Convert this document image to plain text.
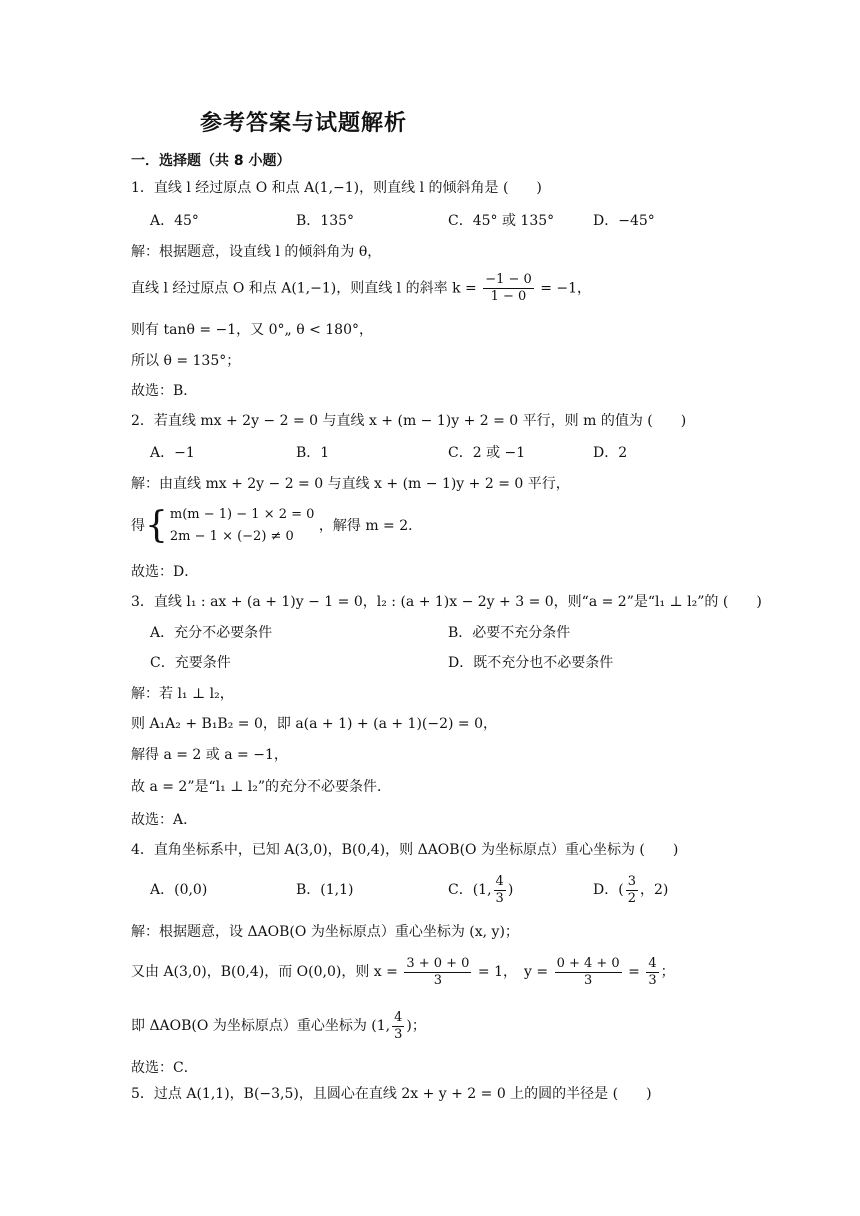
参考答案与试题解析
一．选择题（共 8 小题）
1．直线 l 经过原点 O 和点 A(1,−1)，则直线 l 的倾斜角是 (　　)
A．45°	B．135°	C．45° 或 135°	D．−45°
解：根据题意，设直线 l 的倾斜角为 θ，
直线 l 经过原点 O 和点 A(1,−1)，则直线 l 的斜率 $k = \frac{-1 - 0}{1 - 0} = -1$，
则有 tanθ = −1，又 0°„ θ < 180°，
所以 θ = 135°；
故选：B．
2．若直线 mx + 2y − 2 = 0 与直线 x + (m − 1)y + 2 = 0 平行，则 m 的值为 (　　)
A．−1	B．1	C．2 或 −1	D．2
解：由直线 mx + 2y − 2 = 0 与直线 x + (m − 1)y + 2 = 0 平行，
得{ m(m − 1) − 1 × 2 = 0
2m − 1 × (−2) ≠ 0
，解得 m = 2．
故选：D．
3．直线 l₁ : ax + (a + 1)y − 1 = 0，l₂ : (a + 1)x − 2y + 3 = 0，则“a = 2”是“l₁ ⊥ l₂”的 (　　)
A．充分不必要条件	B．必要不充分条件
C．充要条件	D．既不充分也不必要条件
解：若 l₁ ⊥ l₂，
则 A₁A₂ + B₁B₂ = 0，即 a(a + 1) + (a + 1)(−2) = 0，
解得 a = 2 或 a = −1，
故 a = 2”是“l₁ ⊥ l₂”的充分不必要条件．
故选：A．
4．直角坐标系中，已知 A(3,0)，B(0,4)，则 ΔAOB(O 为坐标原点）重心坐标为 (　　)
A．(0,0)	B．(1,1)	C．(1, $\frac{4}{3}$ )	D．( $\frac{3}{2}$ ，2)
解：根据题意，设 ΔAOB(O 为坐标原点）重心坐标为 (x, y)；
又由 A(3,0)，B(0,4)，而 O(0,0)，则 $x = \frac{3 + 0 + 0}{3} = 1$，　$y = \frac{0 + 4 + 0}{3} = \frac{4}{3}$ ；
即 ΔAOB(O 为坐标原点）重心坐标为 (1, $\frac{4}{3}$ )；
故选：C．
5．过点 A(1,1)，B(−3,5)，且圆心在直线 2x + y + 2 = 0 上的圆的半径是 (　　)
